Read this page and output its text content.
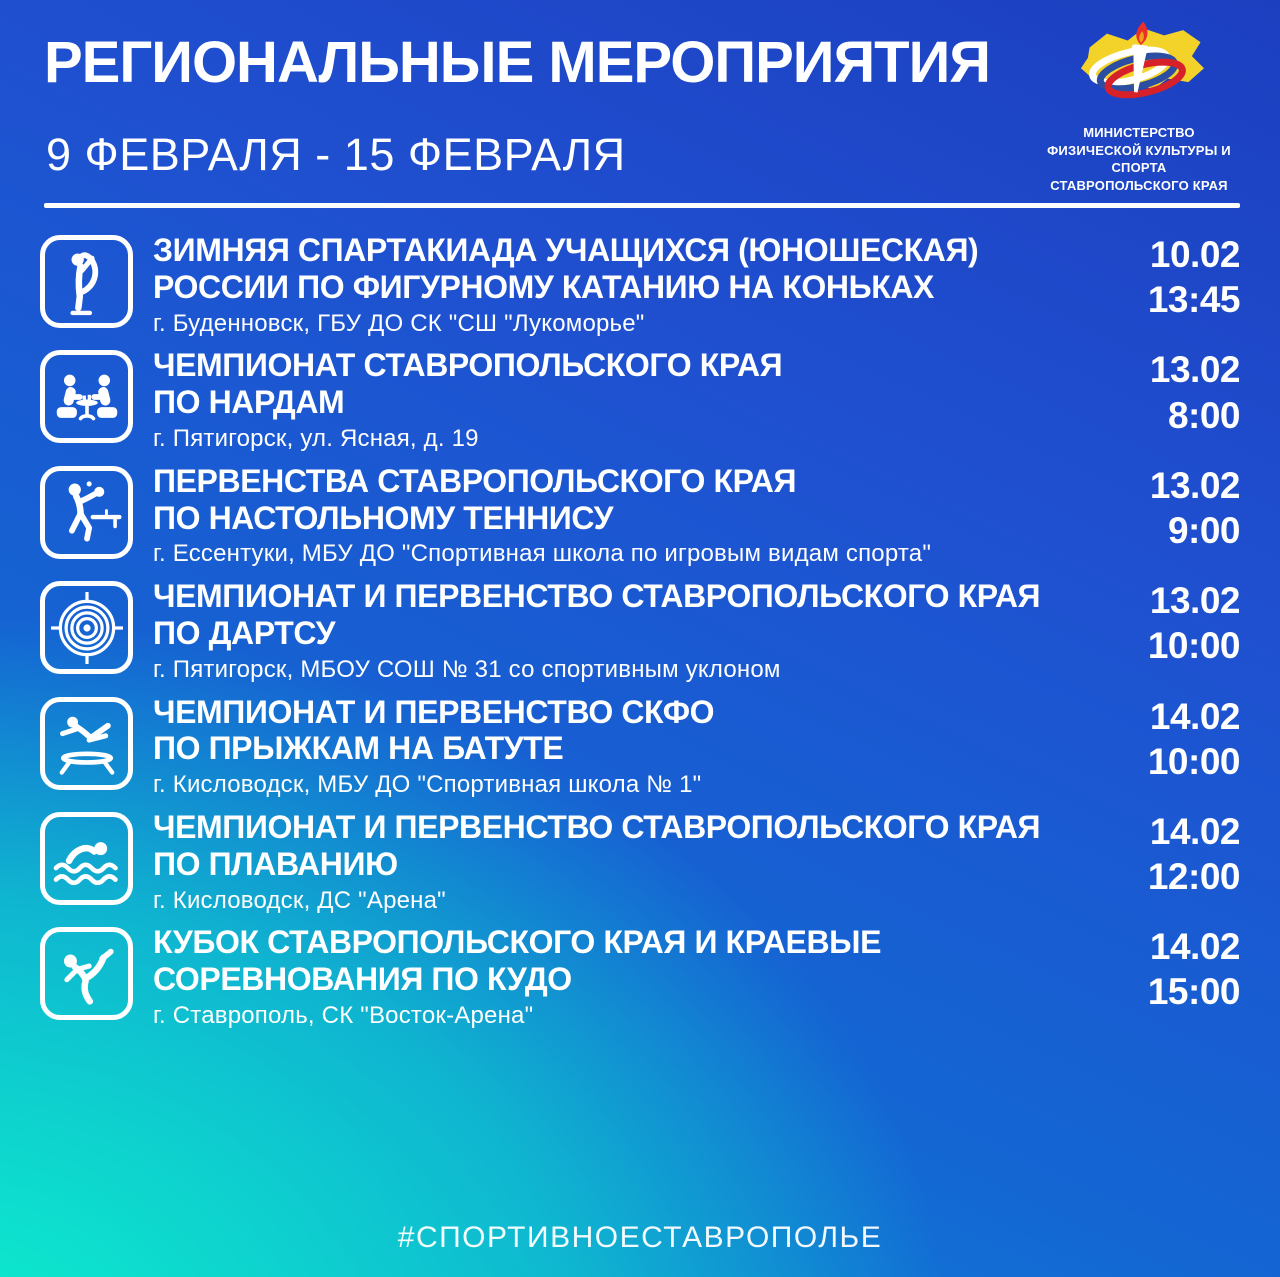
РЕГИОНАЛЬНЫЕ МЕРОПРИЯТИЯ
9 ФЕВРАЛЯ - 15 ФЕВРАЛЯ	МИНИСТЕРСТВО
ФИЗИЧЕСКОЙ КУЛЬТУРЫ И СПОРТА
СТАВРОПОЛЬСКОГО КРАЯ
ЗИМНЯЯ СПАРТАКИАДА УЧАЩИХСЯ (ЮНОШЕСКАЯ)
РОССИИ ПО ФИГУРНОМУ КАТАНИЮ НА КОНЬКАХ
г. Буденновск, ГБУ ДО СК "СШ "Лукоморье"
10.02
13:45
ЧЕМПИОНАТ СТАВРОПОЛЬСКОГО КРАЯ
ПО НАРДАМ
г. Пятигорск, ул. Ясная, д. 19
13.02
8:00
ПЕРВЕНСТВА СТАВРОПОЛЬСКОГО КРАЯ
ПО НАСТОЛЬНОМУ ТЕННИСУ
г. Ессентуки, МБУ ДО "Спортивная школа по игровым видам спорта"
13.02
9:00
ЧЕМПИОНАТ И ПЕРВЕНСТВО СТАВРОПОЛЬСКОГО КРАЯ
ПО ДАРТСУ
г. Пятигорск, МБОУ СОШ № 31 со спортивным уклоном
13.02
10:00
ЧЕМПИОНАТ И ПЕРВЕНСТВО СКФО
ПО ПРЫЖКАМ НА БАТУТЕ
г. Кисловодск, МБУ ДО "Спортивная школа № 1"
14.02
10:00
ЧЕМПИОНАТ И ПЕРВЕНСТВО СТАВРОПОЛЬСКОГО КРАЯ
ПО ПЛАВАНИЮ
г. Кисловодск, ДС "Арена"
14.02
12:00
КУБОК СТАВРОПОЛЬСКОГО КРАЯ И КРАЕВЫЕ
СОРЕВНОВАНИЯ ПО КУДО
г. Ставрополь, СК "Восток-Арена"
14.02
15:00
#СПОРТИВНОЕСТАВРОПОЛЬЕ
